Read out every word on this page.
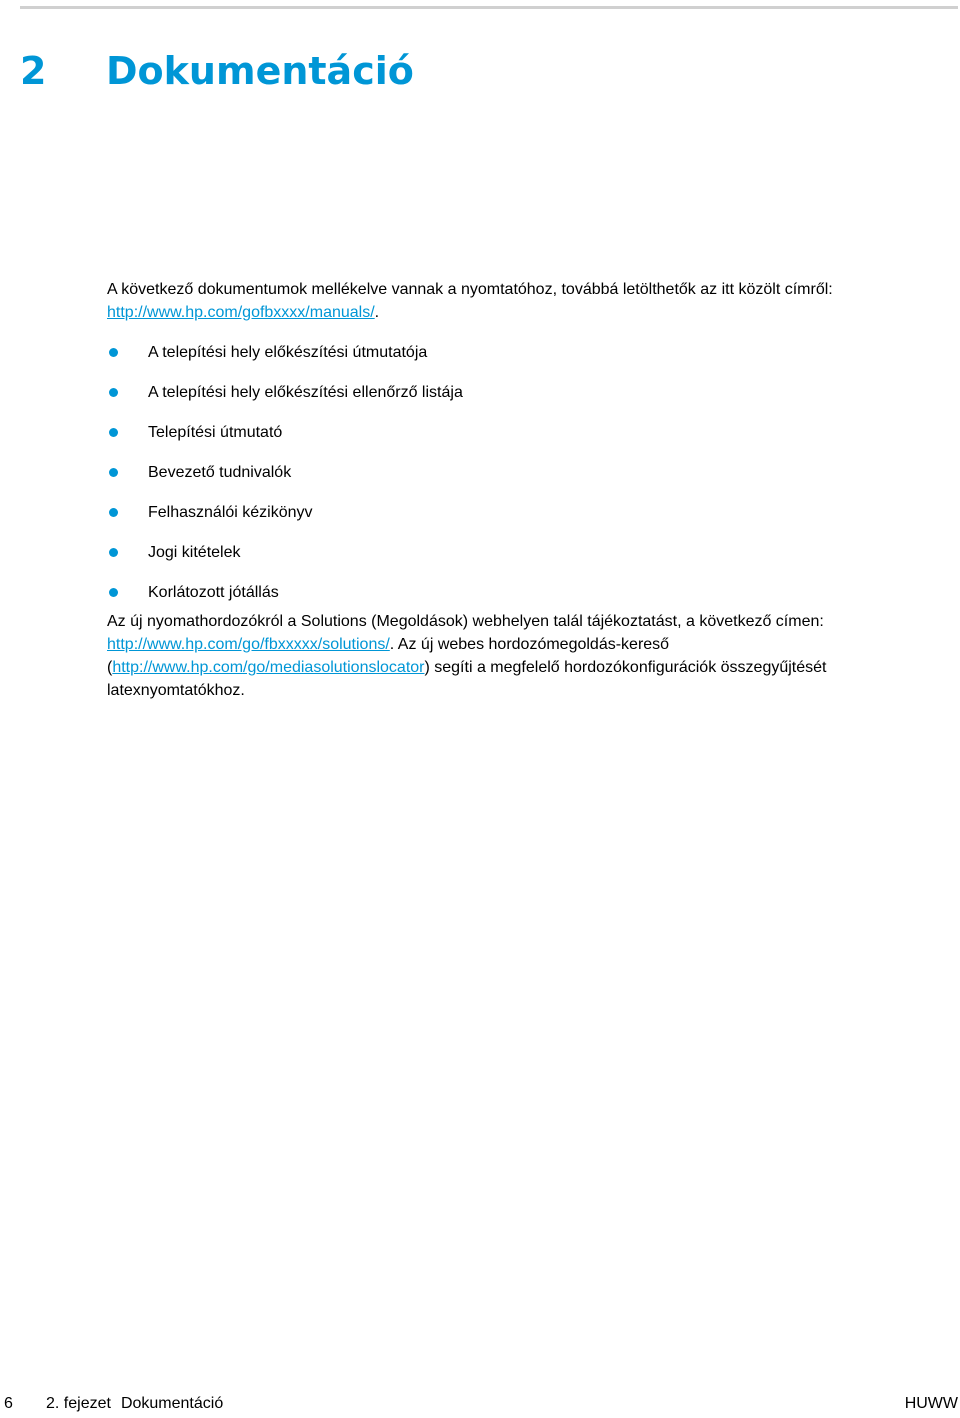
2	Dokumentáció

A következő dokumentumok mellékelve vannak a nyomtatóhoz, továbbá letölthetők az itt közölt címről: http://www.hp.com/gofbxxxx/manuals/.

A telepítési hely előkészítési útmutatója
A telepítési hely előkészítési ellenőrző listája
Telepítési útmutató
Bevezető tudnivalók
Felhasználói kézikönyv
Jogi kitételek
Korlátozott jótállás

Az új nyomathordozókról a Solutions (Megoldások) webhelyen talál tájékoztatást, a következő címen: http://www.hp.com/go/fbxxxxx/solutions/. Az új webes hordozómegoldás-kereső (http://www.hp.com/go/mediasolutionslocator) segíti a megfelelő hordozókonfigurációk összegyűjtését latexnyomtatókhoz.

6 2. fejezet Dokumentáció	HUWW
